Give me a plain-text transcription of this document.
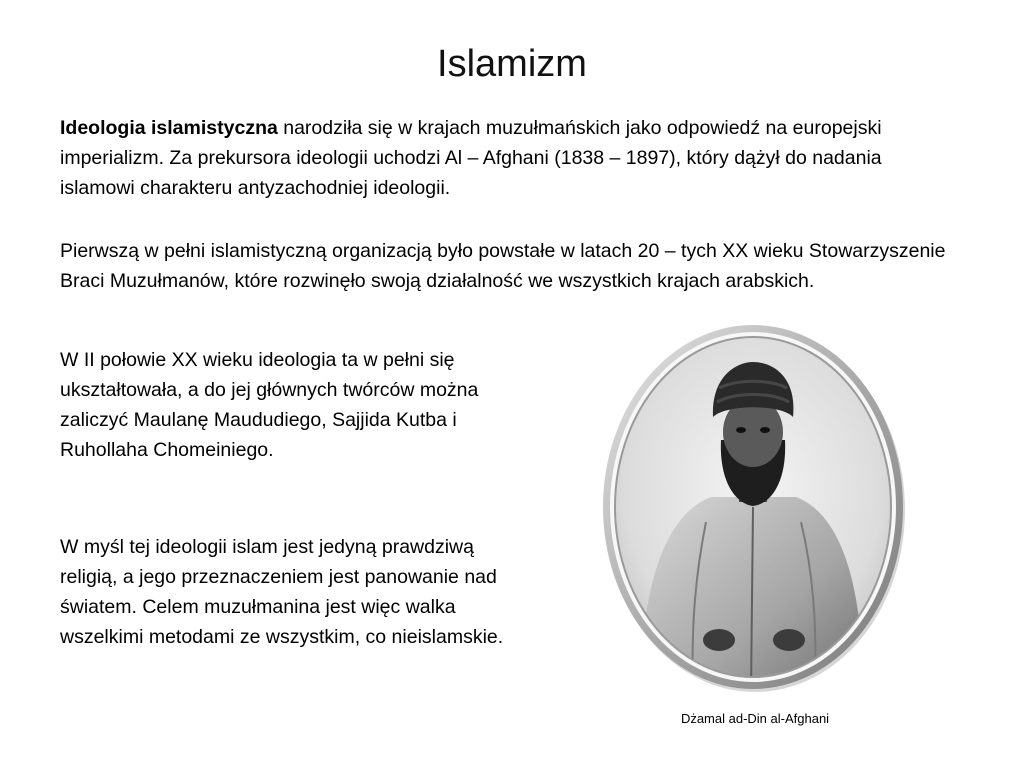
Islamizm

Ideologia islamistyczna narodziła się w krajach muzułmańskich jako odpowiedź na europejski imperializm. Za prekursora ideologii uchodzi Al – Afghani (1838 – 1897), który dążył do nadania islamowi charakteru antyzachodniej ideologii.

Pierwszą w pełni islamistyczną organizacją było powstałe w latach 20 – tych XX wieku Stowarzyszenie Braci Muzułmanów, które rozwinęło swoją działalność we wszystkich krajach arabskich.

W II połowie XX wieku ideologia ta w pełni się ukształtowała, a do jej głównych twórców można zaliczyć Maulanę Maududiego, Sajjida Kutba i Ruhollaha Chomeiniego.

W myśl tej ideologii islam jest jedyną prawdziwą religią, a jego przeznaczeniem jest panowanie nad światem. Celem muzułmanina jest więc walka wszelkimi metodami ze wszystkim, co nieislamskie.

Dżamal ad-Din al-Afghani
